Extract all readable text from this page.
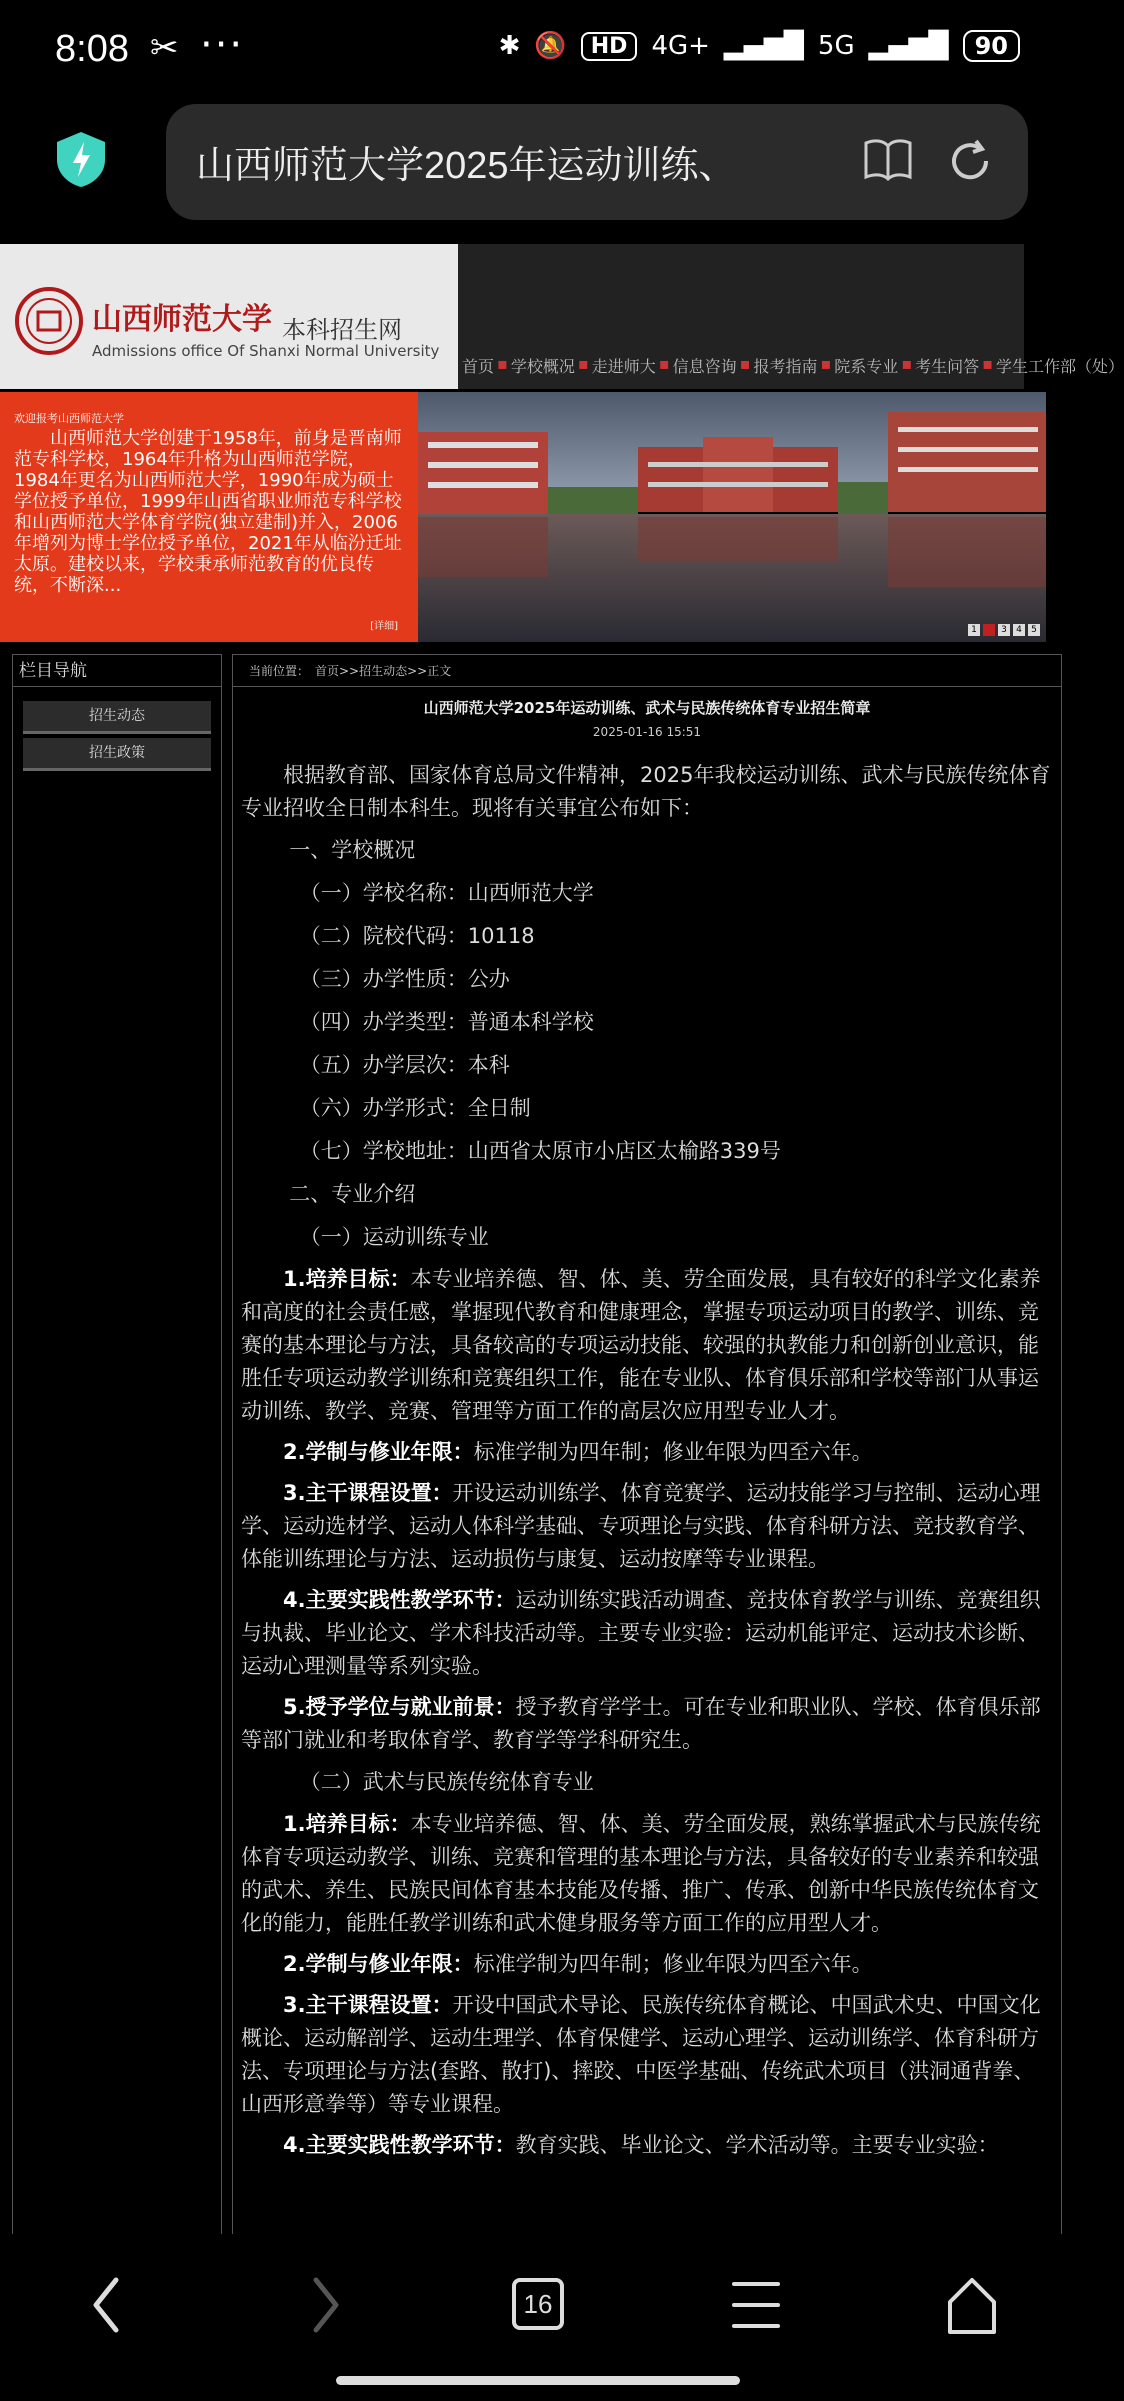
8:08 ✂ ···	✱ 🔕	HD 4G+ ▂▄▆█ 5G ▂▄▆█	90
山西师范大学2025年运动训练、
山西师范大学 本科招生网
Admissions office Of Shanxi Normal University
首页 ▪ 学校概况 ▪ 走进师大 ▪ 信息咨询 ▪ 报考指南 ▪ 院系专业 ▪ 考生问答 ▪ 学生工作部（处）
欢迎报考山西师范大学
山西师范大学创建于1958年，前身是晋南师范专科学校，1964年升格为山西师范学院，1984年更名为山西师范大学，1990年成为硕士学位授予单位，1999年山西省职业师范专科学校和山西师范大学体育学院(独立建制)并入，2006年增列为博士学位授予单位，2021年从临汾迁址太原。建校以来，学校秉承师范教育的优良传统，不断深...
[详细]	1	2	3	4	5
栏目导航
招生动态
招生政策
当前位置：　首页>>招生动态>>正文
山西师范大学2025年运动训练、武术与民族传统体育专业招生简章
2025-01-16 15:51

根据教育部、国家体育总局文件精神，2025年我校运动训练、武术与民族传统体育专业招收全日制本科生。现将有关事宜公布如下：

一、学校概况

（一）学校名称：山西师范大学

（二）院校代码：10118

（三）办学性质：公办

（四）办学类型：普通本科学校

（五）办学层次：本科

（六）办学形式：全日制

（七）学校地址：山西省太原市小店区太榆路339号

二、专业介绍

（一）运动训练专业

1.培养目标：本专业培养德、智、体、美、劳全面发展，具有较好的科学文化素养和高度的社会责任感，掌握现代教育和健康理念，掌握专项运动项目的教学、训练、竞赛的基本理论与方法，具备较高的专项运动技能、较强的执教能力和创新创业意识，能胜任专项运动教学训练和竞赛组织工作，能在专业队、体育俱乐部和学校等部门从事运动训练、教学、竞赛、管理等方面工作的高层次应用型专业人才。

2.学制与修业年限：标准学制为四年制；修业年限为四至六年。

3.主干课程设置：开设运动训练学、体育竞赛学、运动技能学习与控制、运动心理学、运动选材学、运动人体科学基础、专项理论与实践、体育科研方法、竞技教育学、体能训练理论与方法、运动损伤与康复、运动按摩等专业课程。

4.主要实践性教学环节：运动训练实践活动调查、竞技体育教学与训练、竞赛组织与执裁、毕业论文、学术科技活动等。主要专业实验：运动机能评定、运动技术诊断、运动心理测量等系列实验。

5.授予学位与就业前景：授予教育学学士。可在专业和职业队、学校、体育俱乐部等部门就业和考取体育学、教育学等学科研究生。

（二）武术与民族传统体育专业

1.培养目标：本专业培养德、智、体、美、劳全面发展，熟练掌握武术与民族传统体育专项运动教学、训练、竞赛和管理的基本理论与方法，具备较好的专业素养和较强的武术、养生、民族民间体育基本技能及传播、推广、传承、创新中华民族传统体育文化的能力，能胜任教学训练和武术健身服务等方面工作的应用型人才。

2.学制与修业年限：标准学制为四年制；修业年限为四至六年。

3.主干课程设置：开设中国武术导论、民族传统体育概论、中国武术史、中国文化概论、运动解剖学、运动生理学、体育保健学、运动心理学、运动训练学、体育科研方法、专项理论与方法(套路、散打)、摔跤、中医学基础、传统武术项目（洪洞通背拳、山西形意拳等）等专业课程。

4.主要实践性教学环节：教育实践、毕业论文、学术活动等。主要专业实验：

16
